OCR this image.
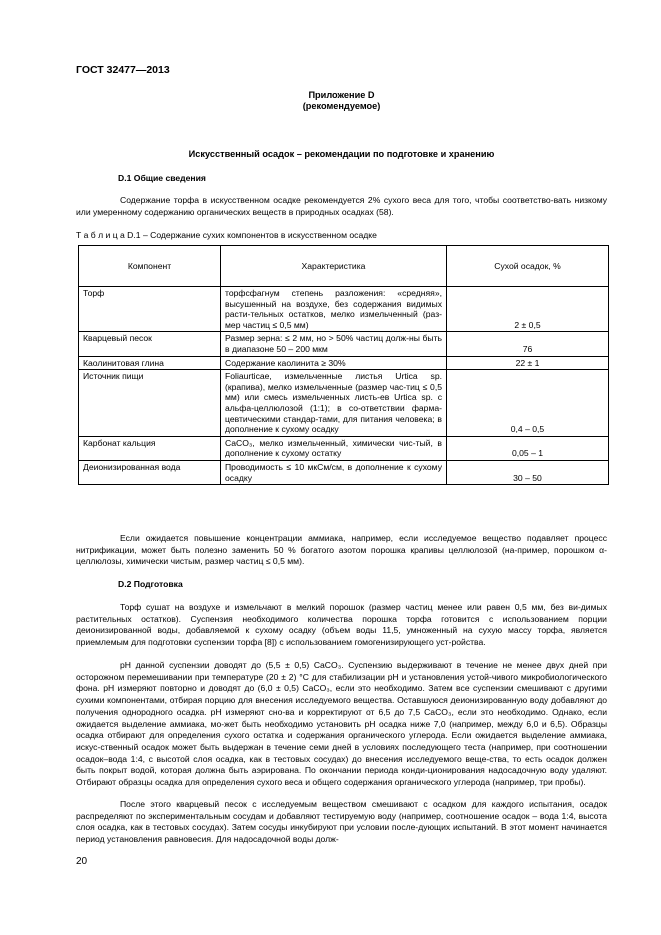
ГОСТ 32477—2013
Приложение D
(рекомендуемое)
Искусственный осадок – рекомендации по подготовке и хранению
D.1 Общие сведения
Содержание торфа в искусственном осадке рекомендуется 2% сухого веса для того, чтобы соответство-вать низкому или умеренному содержанию органических веществ в природных осадках (58).
Т а б л и ц а D.1 – Содержание сухих компонентов в искусственном осадке
Компонент	Характеристика	Сухой осадок, %
Торф	торфсфагнум степень разложения: «средняя», высушенный на воздухе, без содержания видимых расти-тельных остатков, мелко измельченный (раз-мер частиц ≤ 0,5 мм)	2 ± 0,5
Кварцевый песок	Размер зерна: ≤ 2 мм, но > 50% частиц долж-ны быть в диапазоне 50 – 200 мкм	76
Каолинитовая глина	Содержание каолинита ≥ 30%	22 ± 1
Источник пищи	Foliaurticae, измельченные листья Urtica sp. (крапива), мелко измельченные (размер час-тиц ≤ 0,5 мм) или смесь измельченных листь-ев Urtica sp. с альфа-целлюлозой (1:1); в со-ответствии фарма-цевтическими стандар-тами, для питания человека; в дополнение к сухому осадку	0,4 – 0,5
Карбонат кальция	CaCO₃, мелко измельченный, химически чис-тый, в дополнение к сухому остатку	0,05 – 1
Деионизированная вода	Проводимость ≤ 10 мкСм/см, в дополнение к сухому осадку	30 – 50
Если ожидается повышение концентрации аммиака, например, если исследуемое вещество подавляет процесс нитрификации, может быть полезно заменить 50 % богатого азотом порошка крапивы целлюлозой (на-пример, порошком α-целлюлозы, химически чистым, размер частиц ≤ 0,5 мм).
D.2 Подготовка
Торф сушат на воздухе и измельчают в мелкий порошок (размер частиц менее или равен 0,5 мм, без ви-димых растительных остатков). Суспензия необходимого количества порошка торфа готовится с использованием порции деионизированной воды, добавляемой к сухому осадку (объем воды 11,5, умноженный на сухую массу торфа, является приемлемым для подготовки суспензии торфа [8]) с использованием гомогенизирующего уст-ройства.
pH данной суспензии доводят до (5,5 ± 0,5) CaCO₃. Суспензию выдерживают в течение не менее двух дней при осторожном перемешивании при температуре (20 ± 2) °C для стабилизации pH и установления устой-чивого микробиологического фона. pH измеряют повторно и доводят до (6,0 ± 0,5) CaCO₃, если это необходимо. Затем все суспензии смешивают с другими сухими компонентами, отбирая порцию для внесения исследуемого вещества. Оставшуюся деионизированную воду добавляют до получения однородного осадка. pH измеряют сно-ва и корректируют от 6,5 до 7,5 CaCO₃, если это необходимо. Однако, если ожидается выделение аммиака, мо-жет быть необходимо установить pH осадка ниже 7,0 (например, между 6,0 и 6,5). Образцы осадка отбирают для определения сухого остатка и содержания органического углерода. Если ожидается выделение аммиака, искус-ственный осадок может быть выдержан в течение семи дней в условиях последующего теста (например, при соотношении осадок–вода 1:4, с высотой слоя осадка, как в тестовых сосудах) до внесения исследуемого веще-ства, то есть осадок должен быть покрыт водой, которая должна быть аэрирована. По окончании периода конди-ционирования надосадочную воду удаляют. Отбирают образцы осадка для определения сухого веса и общего содержания органического углерода (например, три пробы).
После этого кварцевый песок с исследуемым веществом смешивают с осадком для каждого испытания, осадок распределяют по экспериментальным сосудам и добавляют тестируемую воду (например, соотношение осадок – вода 1:4, высота слоя осадка, как в тестовых сосудах). Затем сосуды инкубируют при условии после-дующих испытаний. В этот момент начинается период установления равновесия. Для надосадочной воды долж-
20
